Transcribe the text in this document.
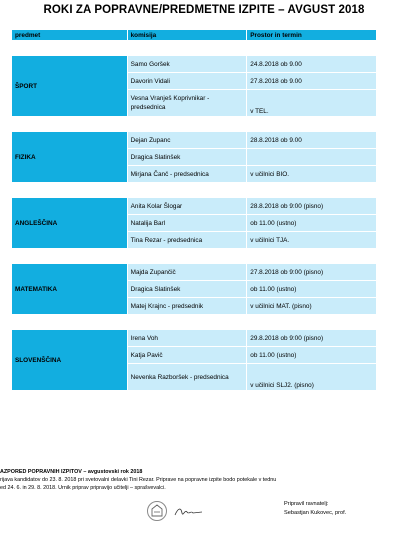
ROKI ZA POPRAVNE/PREDMETNE IZPITE – AVGUST 2018
predmet	komisija	Prostor in termin

ŠPORT	Samo Goršek	24.8.2018 ob 9.00
	Davorin Vidali	27.8.2018 ob 9.00
	Vesna Vranješ Koprivnikar - predsednica	v TEL.

FIZIKA	Dejan Zupanc	28.8.2018 ob 9.00
	Dragica Slatinšek	
	Mirjana Čanč - predsednica	v učilnici BIO.

ANGLEŠČINA	Anita Kolar Šlogar	28.8.2018 ob 9:00 (pisno)
	Natalija Barl	ob 11.00 (ustno)
	Tina Rezar - predsednica	v učilnici TJA.

MATEMATIKA	Majda Zupančič	27.8.2018 ob 9:00 (pisno)
	Dragica Slatinšek	ob 11.00 (ustno)
	Matej Krajnc - predsednik	v učilnici MAT. (pisno)

SLOVENŠČINA	Irena Voh	29.8.2018 ob 9:00 (pisno)
	Katja Pavič	ob 11.00 (ustno)
	Nevenka Razboršek - predsednica	v učilnici SLJ2. (pisno)
AZPORED POPRAVNIH IZPITOV – avgustovski rok 2018
rijava kandidatov do 23. 8. 2018 pri svetovalni delavki Tini Rezar. Priprave na popravne izpite bodo potekale v tednu
ed 24. 6. in 29. 8. 2018. Urnik priprav pripravijo učitelji – sprašvevalci.
Pripravil ravnatelj:
Sebastjan Kukovec, prof.
